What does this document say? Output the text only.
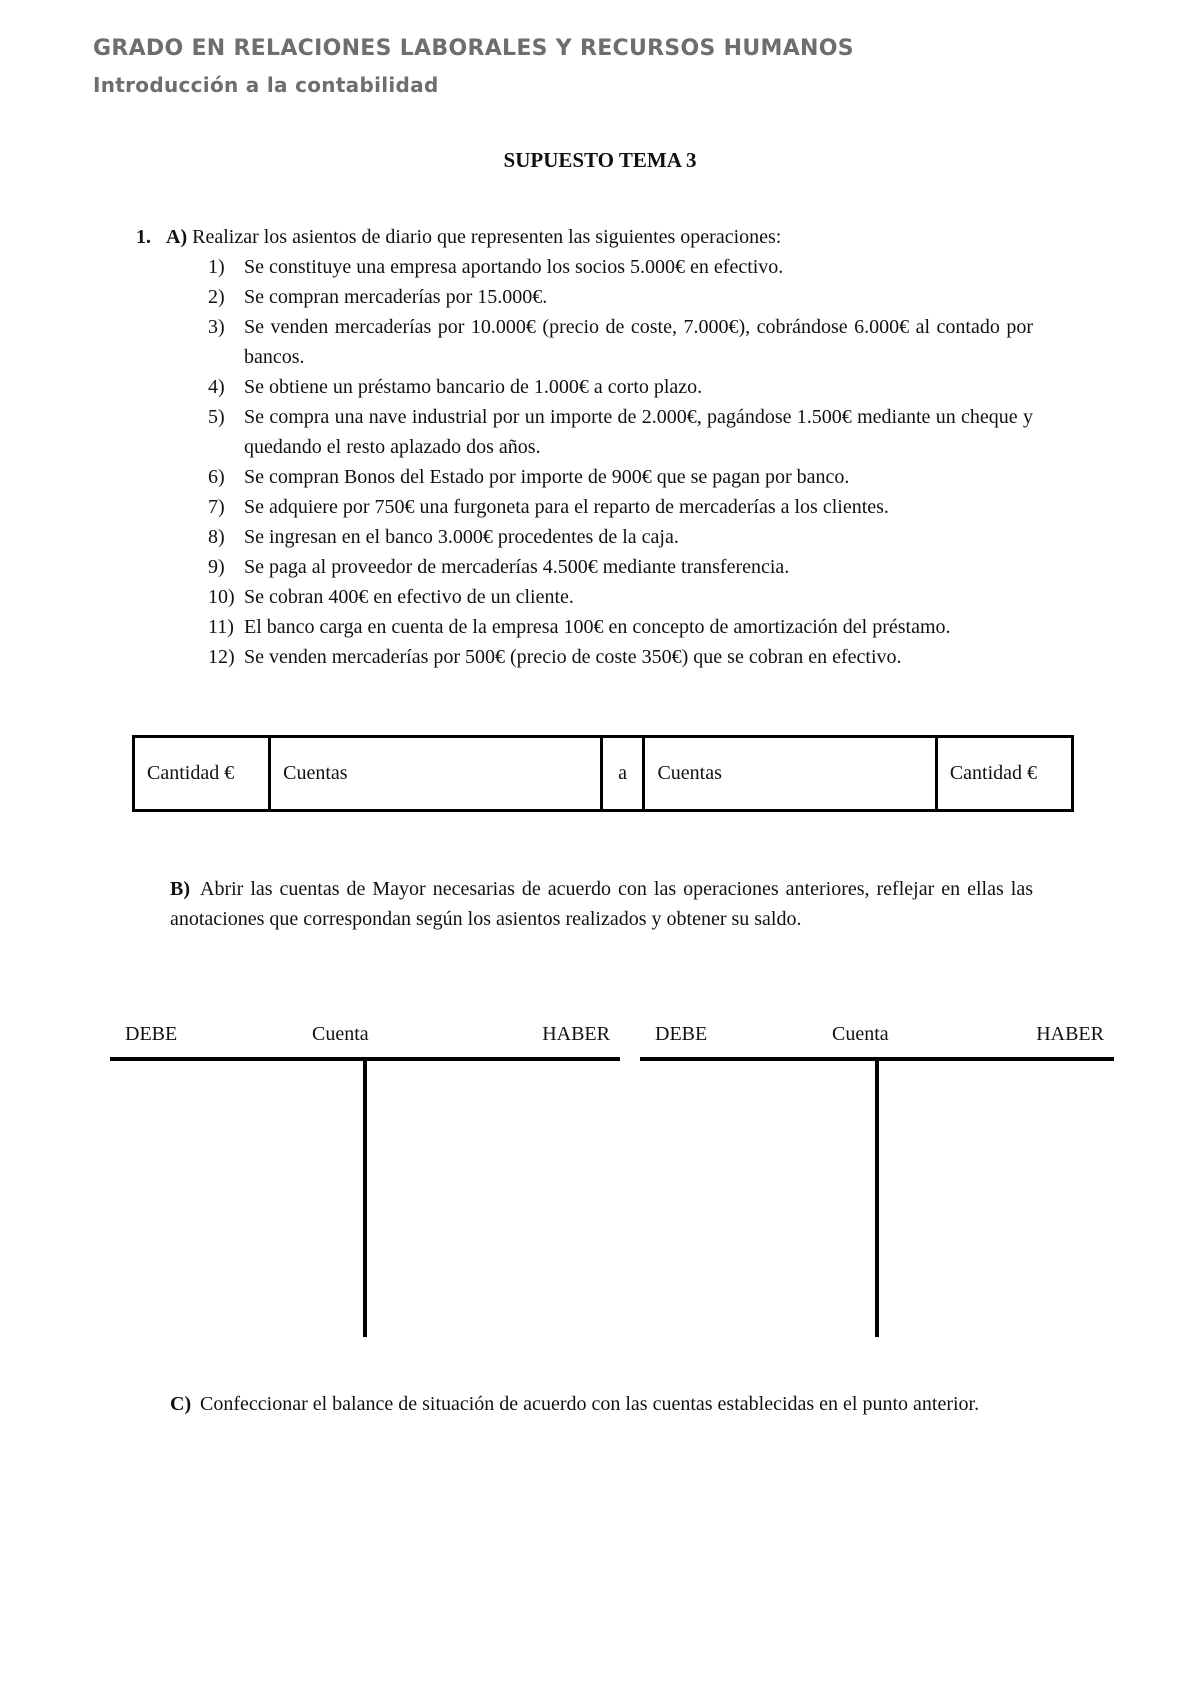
GRADO EN RELACIONES LABORALES Y RECURSOS HUMANOS
Introducción a la contabilidad
SUPUESTO TEMA 3
1. A) Realizar los asientos de diario que representen las siguientes operaciones:
1) Se constituye una empresa aportando los socios 5.000€ en efectivo.
2) Se compran mercaderías por 15.000€.
3) Se venden mercaderías por 10.000€ (precio de coste, 7.000€), cobrándose 6.000€ al contado por bancos.
4) Se obtiene un préstamo bancario de 1.000€ a corto plazo.
5) Se compra una nave industrial por un importe de 2.000€, pagándose 1.500€ mediante un cheque y quedando el resto aplazado dos años.
6) Se compran Bonos del Estado por importe de 900€ que se pagan por banco.
7) Se adquiere por 750€ una furgoneta para el reparto de mercaderías a los clientes.
8) Se ingresan en el banco 3.000€ procedentes de la caja.
9) Se paga al proveedor de mercaderías 4.500€ mediante transferencia.
10) Se cobran 400€ en efectivo de un cliente.
11) El banco carga en cuenta de la empresa 100€ en concepto de amortización del préstamo.
12) Se venden mercaderías por 500€ (precio de coste 350€) que se cobran en efectivo.
Cantidad €	Cuentas	a	Cuentas	Cantidad €
B) Abrir las cuentas de Mayor necesarias de acuerdo con las operaciones anteriores, reflejar en ellas las anotaciones que correspondan según los asientos realizados y obtener su saldo.
DEBE	Cuenta	HABER DEBE	Cuenta	HABER
C) Confeccionar el balance de situación de acuerdo con las cuentas establecidas en el punto anterior.
